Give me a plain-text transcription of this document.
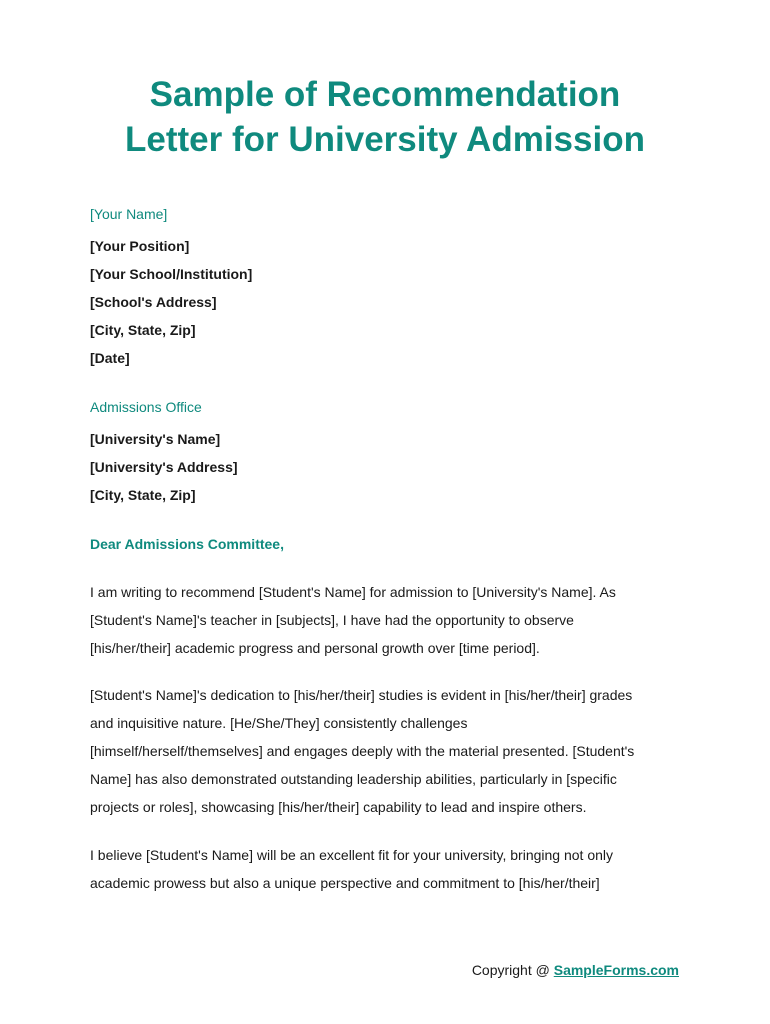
Sample of Recommendation
Letter for University Admission

[Your Name]

[Your Position]

[Your School/Institution]

[School's Address]

[City, State, Zip]

[Date]

Admissions Office

[University's Name]

[University's Address]

[City, State, Zip]

Dear Admissions Committee,

I am writing to recommend [Student's Name] for admission to [University's Name]. As

[Student's Name]'s teacher in [subjects], I have had the opportunity to observe

[his/her/their] academic progress and personal growth over [time period].

[Student's Name]'s dedication to [his/her/their] studies is evident in [his/her/their] grades

and inquisitive nature. [He/She/They] consistently challenges

[himself/herself/themselves] and engages deeply with the material presented. [Student's

Name] has also demonstrated outstanding leadership abilities, particularly in [specific

projects or roles], showcasing [his/her/their] capability to lead and inspire others.

I believe [Student's Name] will be an excellent fit for your university, bringing not only

academic prowess but also a unique perspective and commitment to [his/her/their]

Copyright @ SampleForms.com
